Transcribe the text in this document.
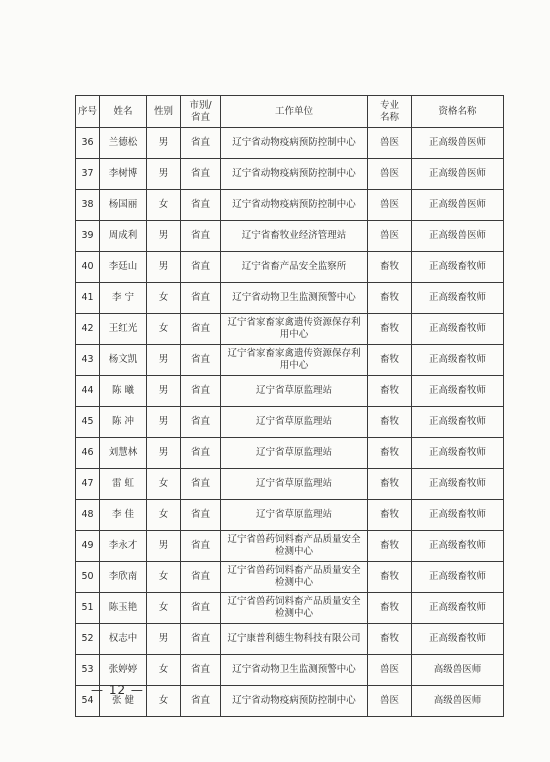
序号	姓名	性别	市别/省直	工作单位	专业名称	资格名称
36	兰德松	男	省直	辽宁省动物疫病预防控制中心	兽医	正高级兽医师
37	李树博	男	省直	辽宁省动物疫病预防控制中心	兽医	正高级兽医师
38	杨国丽	女	省直	辽宁省动物疫病预防控制中心	兽医	正高级兽医师
39	周成利	男	省直	辽宁省畜牧业经济管理站	兽医	正高级兽医师
40	李廷山	男	省直	辽宁省畜产品安全监察所	畜牧	正高级畜牧师
41	李 宁	女	省直	辽宁省动物卫生监测预警中心	畜牧	正高级畜牧师
42	王红光	女	省直	辽宁省家畜家禽遗传资源保存利用中心	畜牧	正高级畜牧师
43	杨文凯	男	省直	辽宁省家畜家禽遗传资源保存利用中心	畜牧	正高级畜牧师
44	陈 曦	男	省直	辽宁省草原监理站	畜牧	正高级畜牧师
45	陈 冲	男	省直	辽宁省草原监理站	畜牧	正高级畜牧师
46	刘慧林	男	省直	辽宁省草原监理站	畜牧	正高级畜牧师
47	雷 虹	女	省直	辽宁省草原监理站	畜牧	正高级畜牧师
48	李 佳	女	省直	辽宁省草原监理站	畜牧	正高级畜牧师
49	李永才	男	省直	辽宁省兽药饲料畜产品质量安全检测中心	畜牧	正高级畜牧师
50	李欣南	女	省直	辽宁省兽药饲料畜产品质量安全检测中心	畜牧	正高级畜牧师
51	陈玉艳	女	省直	辽宁省兽药饲料畜产品质量安全检测中心	畜牧	正高级畜牧师
52	权志中	男	省直	辽宁康普利德生物科技有限公司	畜牧	正高级畜牧师
53	张婷婷	女	省直	辽宁省动物卫生监测预警中心	兽医	高级兽医师
54	张 健	女	省直	辽宁省动物疫病预防控制中心	兽医	高级兽医师
— 12 —
